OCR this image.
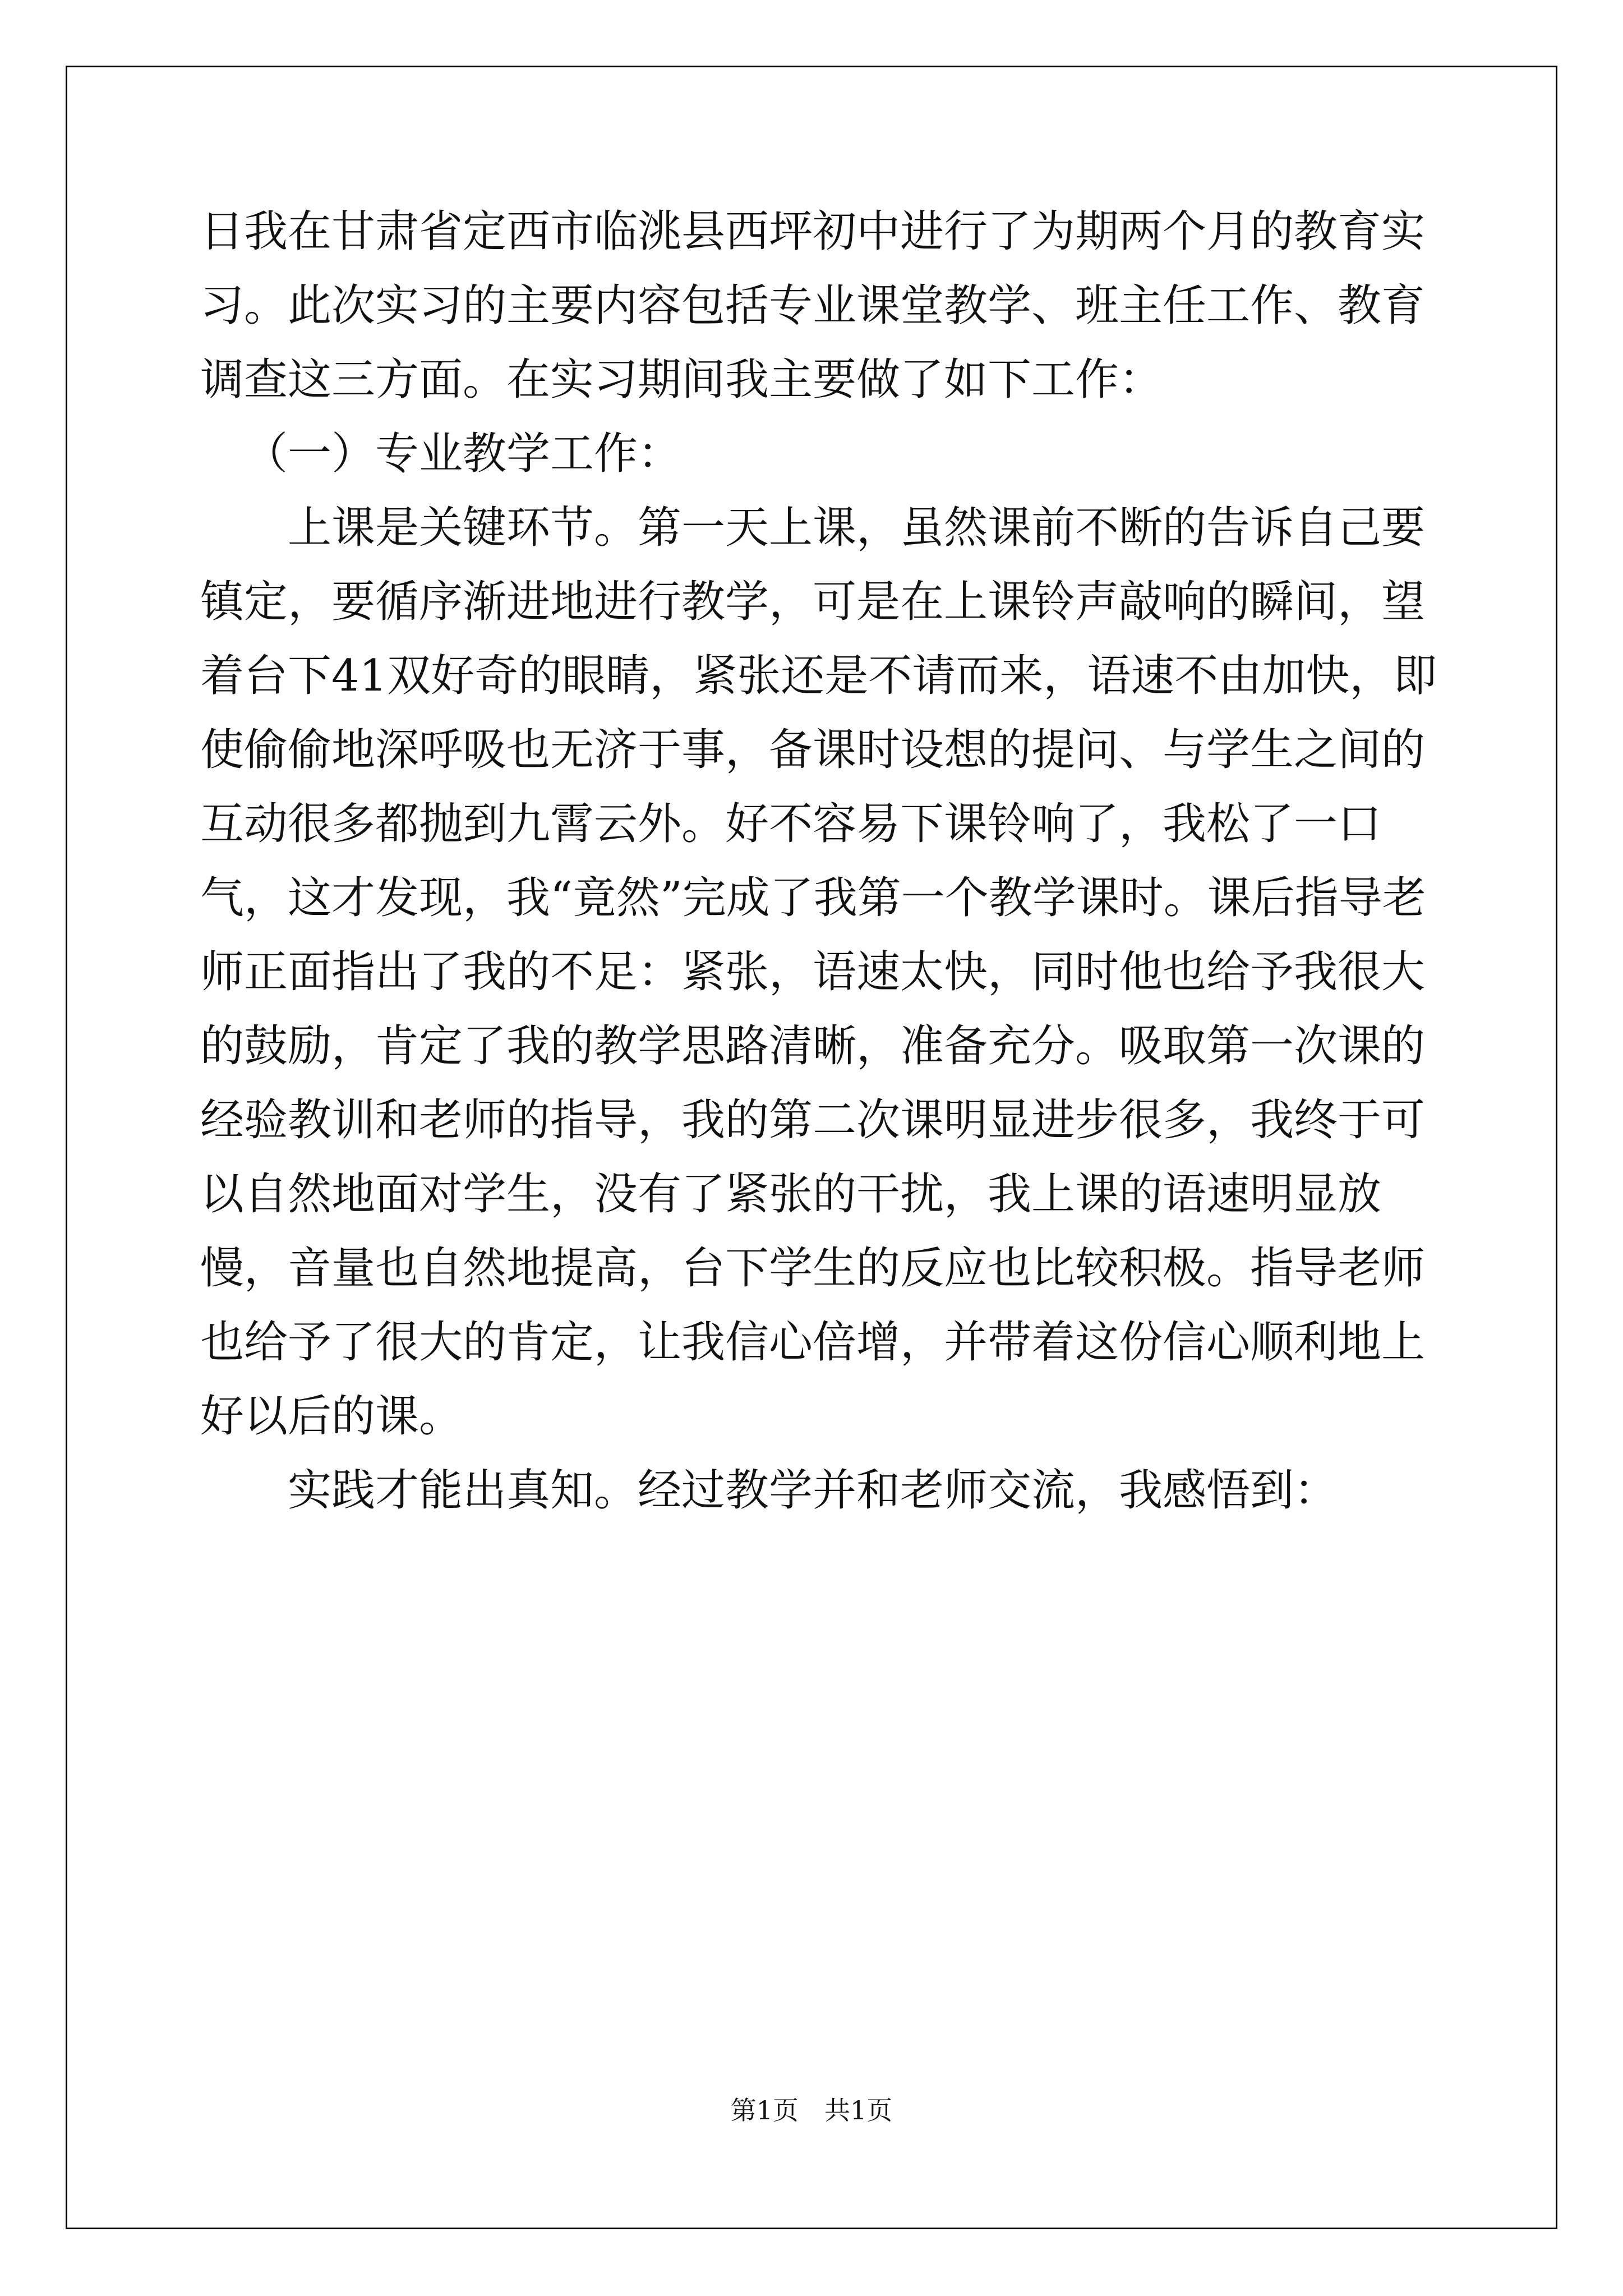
日我在甘肃省定西市临洮县西坪初中进行了为期两个月的教育实习。此次实习的主要内容包括专业课堂教学、班主任工作、教育调查这三方面。在实习期间我主要做了如下工作：

（一）专业教学工作：

上课是关键环节。第一天上课，虽然课前不断的告诉自己要镇定，要循序渐进地进行教学，可是在上课铃声敲响的瞬间，望着台下41双好奇的眼睛，紧张还是不请而来，语速不由加快，即使偷偷地深呼吸也无济于事，备课时设想的提问、与学生之间的互动很多都抛到九霄云外。好不容易下课铃响了，我松了一口气，这才发现，我“竟然”完成了我第一个教学课时。课后指导老师正面指出了我的不足：紧张，语速太快，同时他也给予我很大的鼓励，肯定了我的教学思路清晰，准备充分。吸取第一次课的经验教训和老师的指导，我的第二次课明显进步很多，我终于可以自然地面对学生，没有了紧张的干扰，我上课的语速明显放慢，音量也自然地提高，台下学生的反应也比较积极。指导老师也给予了很大的肯定，让我信心倍增，并带着这份信心顺利地上好以后的课。

实践才能出真知。经过教学并和老师交流，我感悟到：

第1页 共1页
